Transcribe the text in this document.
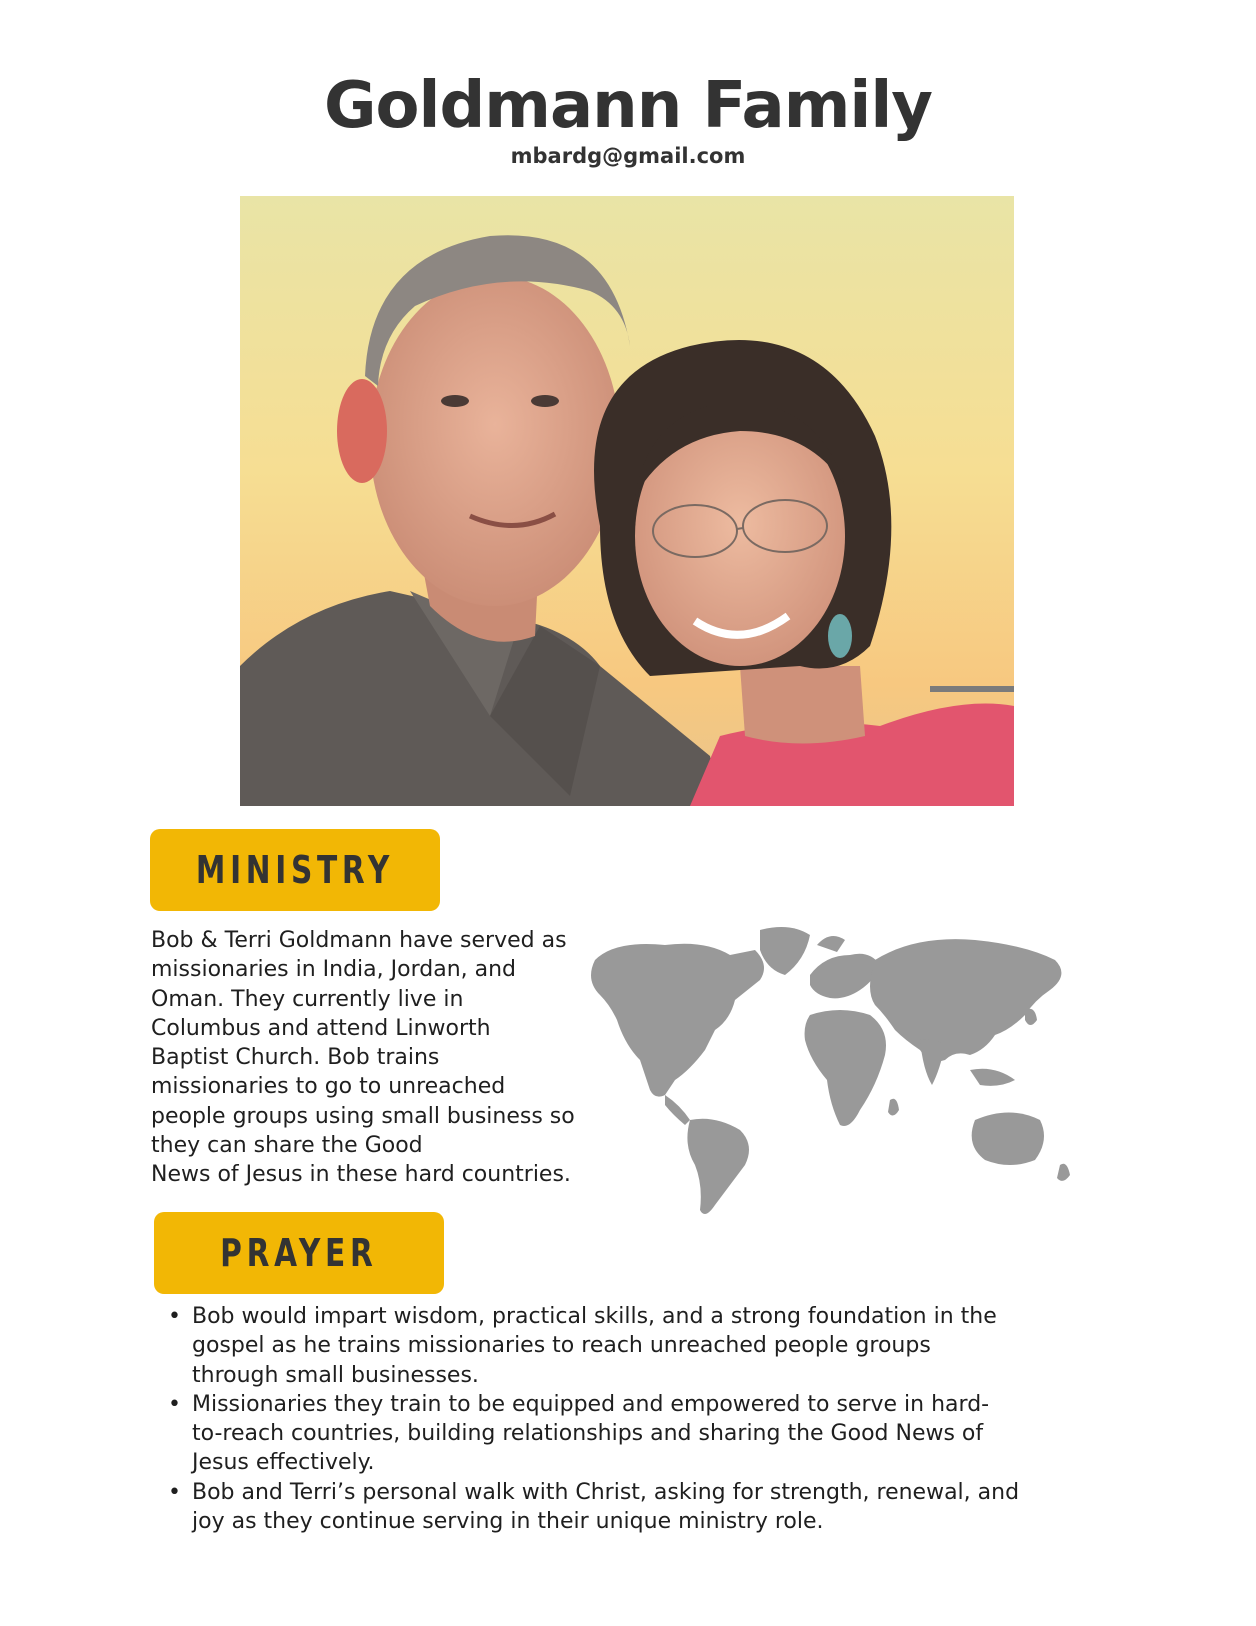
Goldmann Family
mbardg@gmail.com
MINISTRY
Bob & Terri Goldmann have served as
missionaries in India, Jordan, and
Oman. They currently live in
Columbus and attend Linworth
Baptist Church. Bob trains
missionaries to go to unreached
people groups using small business so
they can share the Good
News of Jesus in these hard countries.
PRAYER
• Bob would impart wisdom, practical skills, and a strong foundation in the
gospel as he trains missionaries to reach unreached people groups
through small businesses.
• Missionaries they train to be equipped and empowered to serve in hard-
to-reach countries, building relationships and sharing the Good News of
Jesus effectively.
• Bob and Terri’s personal walk with Christ, asking for strength, renewal, and
joy as they continue serving in their unique ministry role.
